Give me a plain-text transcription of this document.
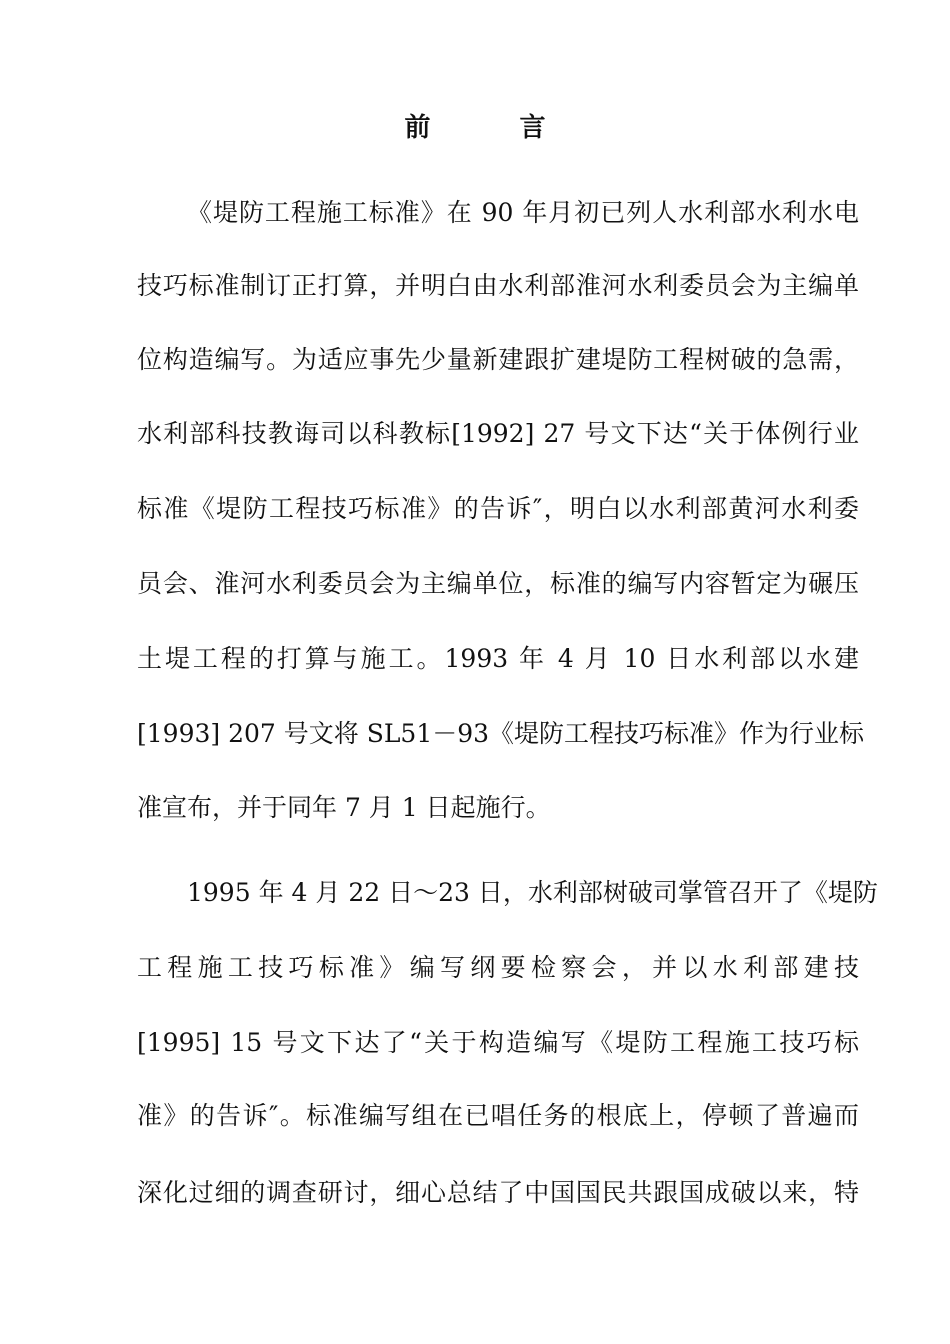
前 言
《堤防工程施工标准》在 90 年月初已列人水利部水利水电
技巧标准制订正打算，并明白由水利部淮河水利委员会为主编单
位构造编写。为适应事先少量新建跟扩建堤防工程树破的急需，
水利部科技教诲司以科教标[1992] 27 号文下达“关于体例行业
标准《堤防工程技巧标准》的告诉″，明白以水利部黄河水利委
员会、淮河水利委员会为主编单位，标准的编写内容暂定为碾压
土堤工程的打算与施工。1993 年 4 月 10 日水利部以水建
[1993] 207 号文将 SL51－93《堤防工程技巧标准》作为行业标
准宣布，并于同年 7 月 1 日起施行。
1995 年 4 月 22 日～23 日，水利部树破司掌管召开了《堤防
工程施工技巧标准》编写纲要检察会，并以水利部建技
[1995] 15 号文下达了“关于构造编写《堤防工程施工技巧标
准》的告诉″。标准编写组在已唱任务的根底上，停顿了普遍而
深化过细的调查研讨，细心总结了中国国民共跟国成破以来，特
